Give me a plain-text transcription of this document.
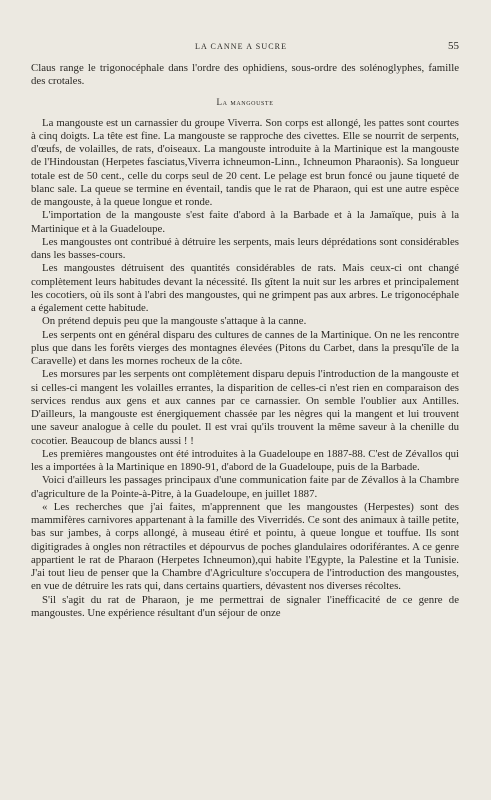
LA CANNE A SUCRE	55

Claus range le trigonocéphale dans l'ordre des ophidiens, sous-ordre des solénoglyphes, famille des crotales.

La mangouste

La mangouste est un carnassier du groupe Viverra. Son corps est allongé, les pattes sont courtes à cinq doigts. La tête est fine. La mangouste se rapproche des civettes. Elle se nourrit de serpents, d'œufs, de volailles, de rats, d'oiseaux. La mangouste introduite à la Martinique est la mangouste de l'Hindoustan (Herpetes fasciatus,Viverra ichneumon-Linn., Ichneumon Pharaonis). Sa longueur totale est de 50 cent., celle du corps seul de 20 cent. Le pelage est brun foncé ou jaune tiqueté de blanc sale. La queue se termine en éventail, tandis que le rat de Pharaon, qui est une autre espèce de mangouste, à la queue longue et ronde.

L'importation de la mangouste s'est faite d'abord à la Barbade et à la Jamaïque, puis à la Martinique et à la Guadeloupe.

Les mangoustes ont contribué à détruire les serpents, mais leurs déprédations sont considérables dans les basses-cours.

Les mangoustes détruisent des quantités considérables de rats. Mais ceux-ci ont changé complètement leurs habitudes devant la nécessité. Ils gîtent la nuit sur les arbres et principalement les cocotiers, où ils sont à l'abri des mangoustes, qui ne grimpent pas aux arbres. Le trigonocéphale a également cette habitude.

On prétend depuis peu que la mangouste s'attaque à la canne.

Les serpents ont en général disparu des cultures de cannes de la Martinique. On ne les rencontre plus que dans les forêts vierges des montagnes élevées (Pitons du Carbet, dans la presqu'île de la Caravelle) et dans les mornes rocheux de la côte.

Les morsures par les serpents ont complètement disparu depuis l'introduction de la mangouste et si celles-ci mangent les volailles errantes, la disparition de celles-ci n'est rien en comparaison des services rendus aux gens et aux cannes par ce carnassier. On semble l'oublier aux Antilles. D'ailleurs, la mangouste est énergiquement chassée par les nègres qui la mangent et lui trouvent une saveur analogue à celle du poulet. Il est vrai qu'ils trouvent la même saveur à la chenille du cocotier. Beaucoup de blancs aussi ! !

Les premières mangoustes ont été introduites à la Guadeloupe en 1887-88. C'est de Zévallos qui les a importées à la Martinique en 1890-91, d'abord de la Guadeloupe, puis de la Barbade.

Voici d'ailleurs les passages principaux d'une communication faite par de Zévallos à la Chambre d'agriculture de la Pointe-à-Pitre, à la Guadeloupe, en juillet 1887.

« Les recherches que j'ai faites, m'apprennent que les mangoustes (Herpestes) sont des mammifères carnivores appartenant à la famille des Viverridés. Ce sont des animaux à taille petite, bas sur jambes, à corps allongé, à museau étiré et pointu, à queue longue et touffue. Ils sont digitigrades à ongles non rétractiles et dépourvus de poches glandulaires odoriférantes. A ce genre appartient le rat de Pharaon (Herpetes Ichneumon),qui habite l'Egypte, la Palestine et la Tunisie. J'ai tout lieu de penser que la Chambre d'Agriculture s'occupera de l'introduction des mangoustes, en vue de détruire les rats qui, dans certains quartiers, dévastent nos diverses récoltes.

S'il s'agit du rat de Pharaon, je me permettrai de signaler l'inefficacité de ce genre de mangoustes. Une expérience résultant d'un séjour de onze
